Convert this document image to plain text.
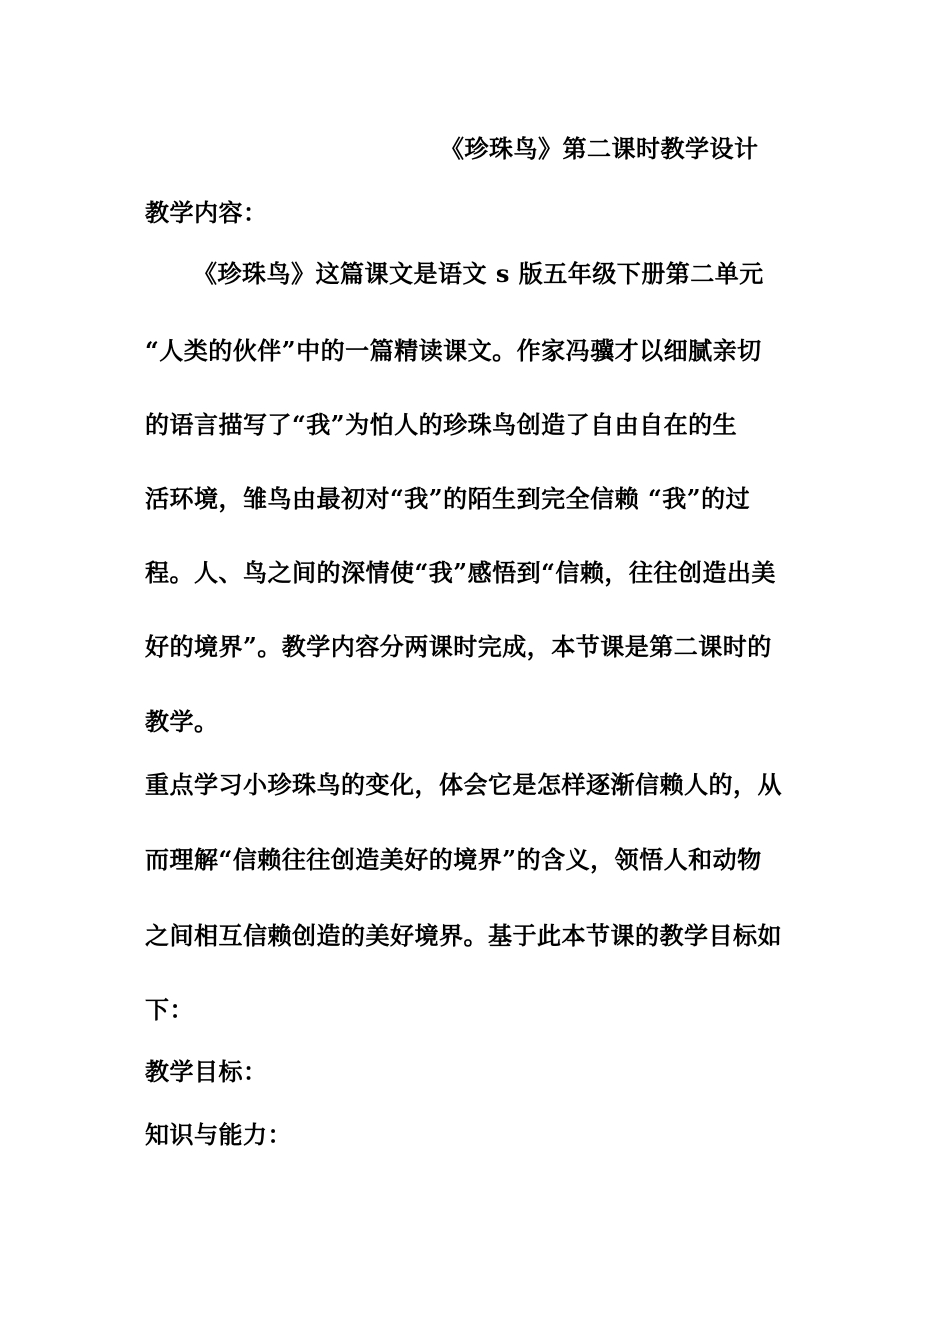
《珍珠鸟》第二课时教学设计
教学内容：
《珍珠鸟》这篇课文是语文 s 版五年级下册第二单元
“人类的伙伴”中的一篇精读课文。作家冯骥才以细腻亲切
的语言描写了“我”为怕人的珍珠鸟创造了自由自在的生
活环境，雏鸟由最初对“我”的陌生到完全信赖 “我”的过
程。人、鸟之间的深情使“我”感悟到“信赖，往往创造出美
好的境界”。教学内容分两课时完成，本节课是第二课时的
教学。
重点学习小珍珠鸟的变化，体会它是怎样逐渐信赖人的，从
而理解“信赖往往创造美好的境界”的含义，领悟人和动物
之间相互信赖创造的美好境界。基于此本节课的教学目标如
下：
教学目标：
知识与能力：
